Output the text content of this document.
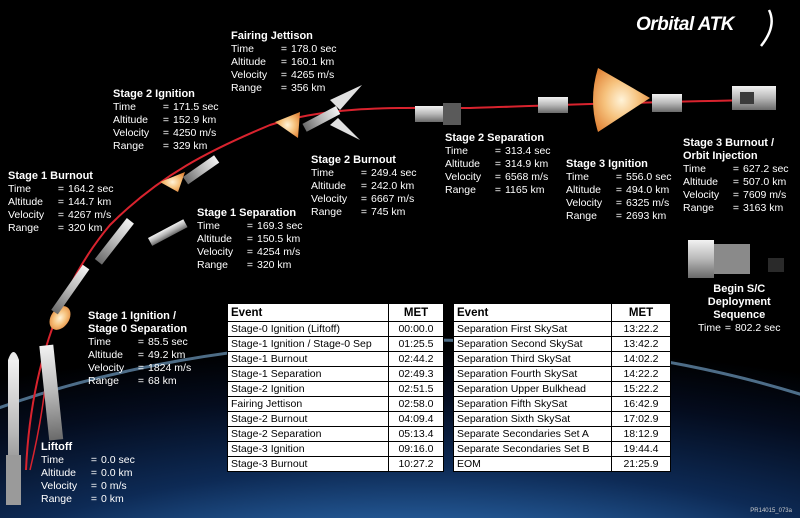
Orbital ATK
Liftoff
Time	= 0.0 sec
Altitude	= 0.0 km
Velocity	= 0 m/s
Range	= 0 km
Stage 1 Ignition /
Stage 0 Separation
Time	= 85.5 sec
Altitude	= 49.2 km
Velocity	= 1824 m/s
Range	= 68 km
Stage 1 Burnout
Time	= 164.2 sec
Altitude	= 144.7 km
Velocity	= 4267 m/s
Range	= 320 km
Stage 2 Ignition
Time	= 171.5 sec
Altitude	= 152.9 km
Velocity	= 4250 m/s
Range	= 329 km
Fairing Jettison
Time	= 178.0 sec
Altitude	= 160.1 km
Velocity	= 4265 m/s
Range	= 356 km
Stage 1 Separation
Time	= 169.3 sec
Altitude	= 150.5 km
Velocity	= 4254 m/s
Range	= 320 km
Stage 2 Burnout
Time	= 249.4 sec
Altitude	= 242.0 km
Velocity	= 6667 m/s
Range	= 745 km
Stage 2 Separation
Time	= 313.4 sec
Altitude	= 314.9 km
Velocity	= 6568 m/s
Range	= 1165 km
Stage 3 Ignition
Time	= 556.0 sec
Altitude	= 494.0 km
Velocity	= 6325 m/s
Range	= 2693 km
Stage 3 Burnout /
Orbit Injection
Time	= 627.2 sec
Altitude	= 507.0 km
Velocity	= 7609 m/s
Range	= 3163 km
Begin S/C
Deployment
Sequence
Time = 802.2 sec
Event	MET
Stage-0 Ignition (Liftoff)	00:00.0
Stage-1 Ignition / Stage-0 Sep	01:25.5
Stage-1 Burnout	02:44.2
Stage-1 Separation	02:49.3
Stage-2 Ignition	02:51.5
Fairing Jettison	02:58.0
Stage-2 Burnout	04:09.4
Stage-2 Separation	05:13.4
Stage-3 Ignition	09:16.0
Stage-3 Burnout	10:27.2
Event	MET
Separation First SkySat	13:22.2
Separation Second SkySat	13:42.2
Separation Third SkySat	14:02.2
Separation Fourth SkySat	14:22.2
Separation Upper Bulkhead	15:22.2
Separation Fifth SkySat	16:42.9
Separation Sixth SkySat	17:02.9
Separate Secondaries Set A	18:12.9
Separate Secondaries Set B	19:44.4
EOM	21:25.9
PR14015_073a
